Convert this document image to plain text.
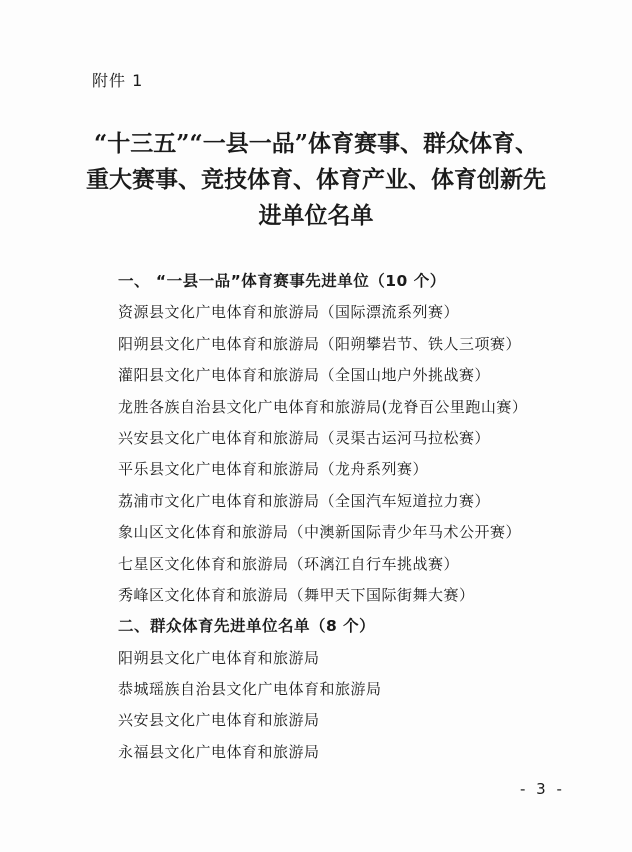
附件 1
“十三五”“一县一品”体育赛事、群众体育、
重大赛事、竞技体育、体育产业、体育创新先
进单位名单
一、 “一县一品”体育赛事先进单位（10 个）
资源县文化广电体育和旅游局（国际漂流系列赛）
阳朔县文化广电体育和旅游局（阳朔攀岩节、铁人三项赛）
灌阳县文化广电体育和旅游局（全国山地户外挑战赛）
龙胜各族自治县文化广电体育和旅游局(龙脊百公里跑山赛）
兴安县文化广电体育和旅游局（灵渠古运河马拉松赛）
平乐县文化广电体育和旅游局（龙舟系列赛）
荔浦市文化广电体育和旅游局（全国汽车短道拉力赛）
象山区文化体育和旅游局（中澳新国际青少年马术公开赛）
七星区文化体育和旅游局（环漓江自行车挑战赛）
秀峰区文化体育和旅游局（舞甲天下国际街舞大赛）
二、群众体育先进单位名单（8 个）
阳朔县文化广电体育和旅游局
恭城瑶族自治县文化广电体育和旅游局
兴安县文化广电体育和旅游局
永福县文化广电体育和旅游局
- 3 -
